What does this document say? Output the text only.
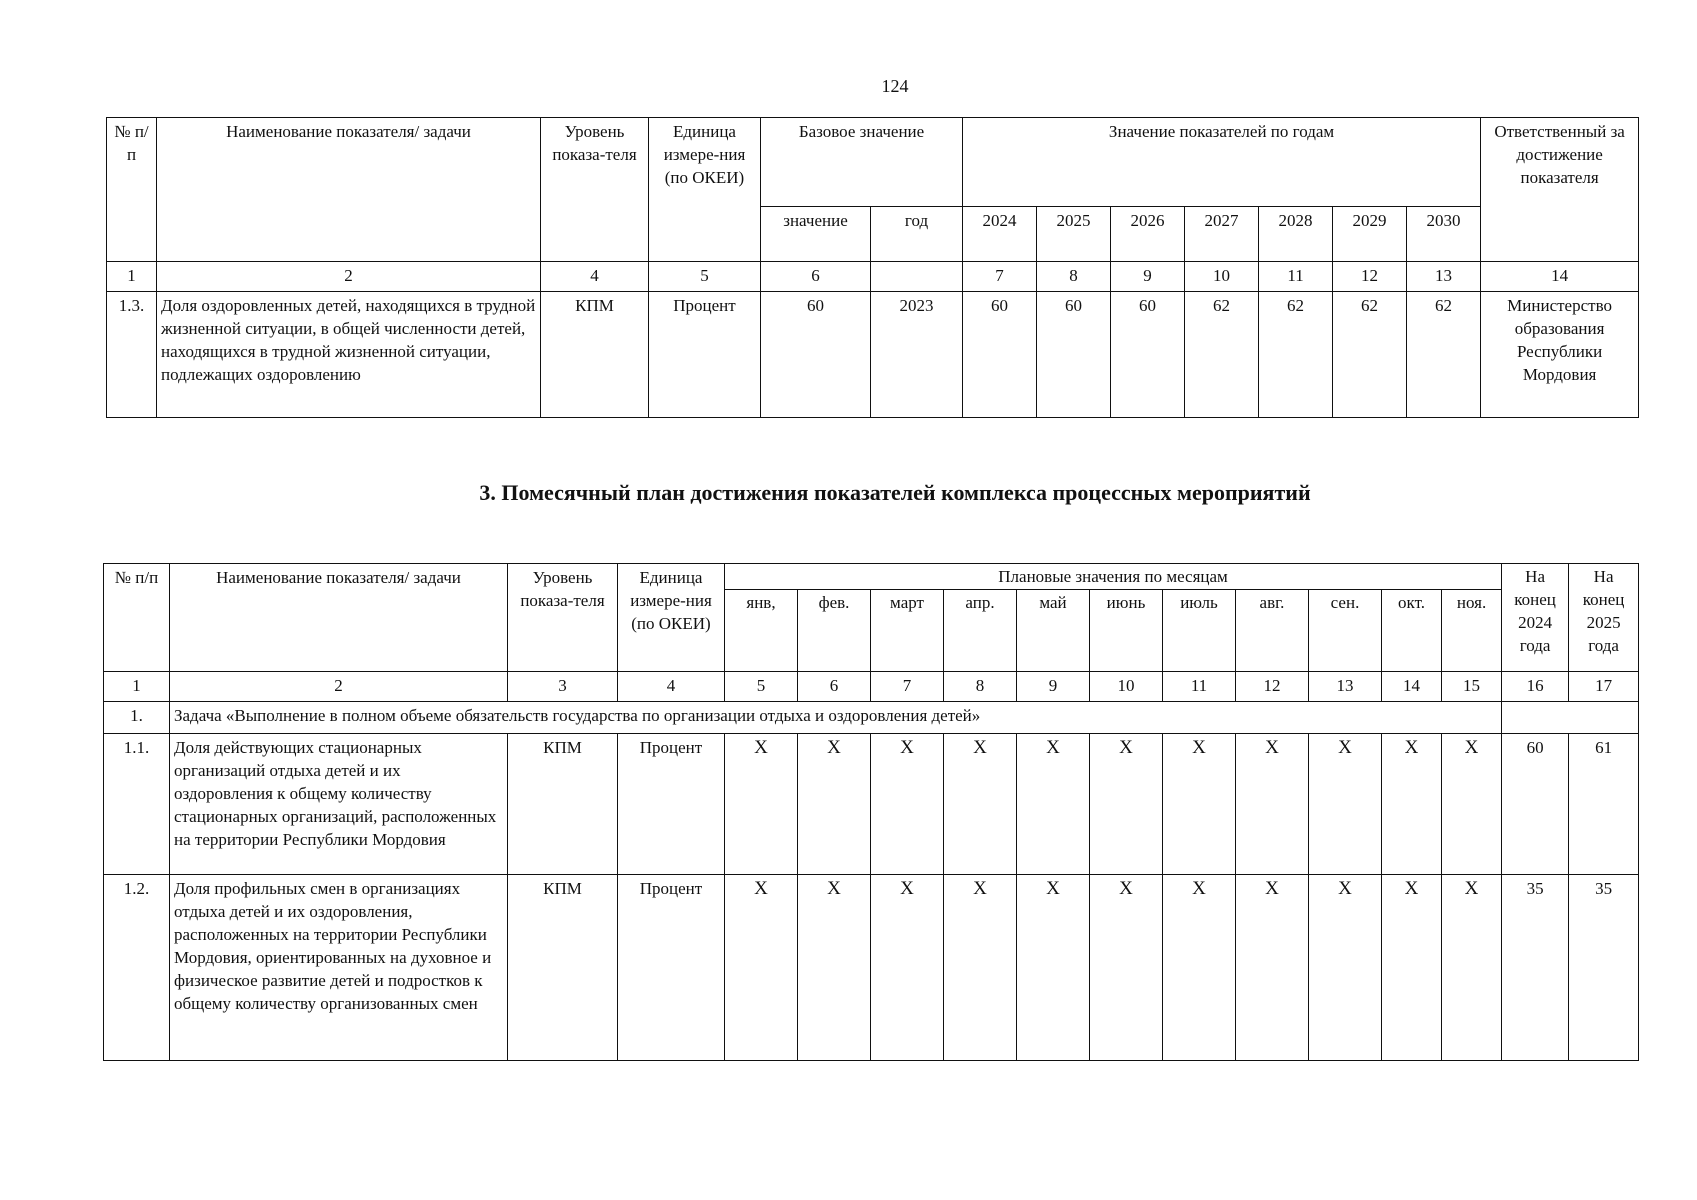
124
№ п/п	Наименование показателя/ задачи	Уровень показа-теля	Единица измере-ния (по ОКЕИ)	Базовое значение		Значение показателей по годам							Ответственный за достижение показателя
				значение	год	2024	2025	2026	2027	2028	2029	2030	
1	2	4	5	6		7	8	9	10	11	12	13	14
1.3.	Доля оздоровленных детей, находящихся в трудной жизненной ситуации, в общей численности детей, находящихся в трудной жизненной ситуации, подлежащих оздоровлению	КПМ	Процент	60	2023	60	60	60	62	62	62	62	Министерство образования Республики Мордовия
3. Помесячный план достижения показателей комплекса процессных мероприятий
№ п/п	Наименование показателя/ задачи	Уровень показа-теля	Единица измере-ния (по ОКЕИ)	Плановые значения по месяцам											На конец 2024 года	На конец 2025 года
				янв,	фев.	март	апр.	май	июнь	июль	авг.	сен.	окт.	ноя.		
1	2	3	4	5	6	7	8	9	10	11	12	13	14	15	16	17
1.	Задача «Выполнение в полном объеме обязательств государства по организации отдыха и оздоровления детей»															
1.1.	Доля действующих стационарных организаций отдыха детей и их оздоровления к общему количеству стационарных организаций, расположенных на территории Республики Мордовия	КПМ	Процент	Х	Х	Х	Х	Х	Х	Х	Х	Х	Х	Х	60	61
1.2.	Доля профильных смен в организациях отдыха детей и их оздоровления, расположенных на территории Республики Мордовия, ориентированных на духовное и физическое развитие детей и подростков к общему количеству организованных смен	КПМ	Процент	Х	Х	Х	Х	Х	Х	Х	Х	Х	Х	Х	35	35
